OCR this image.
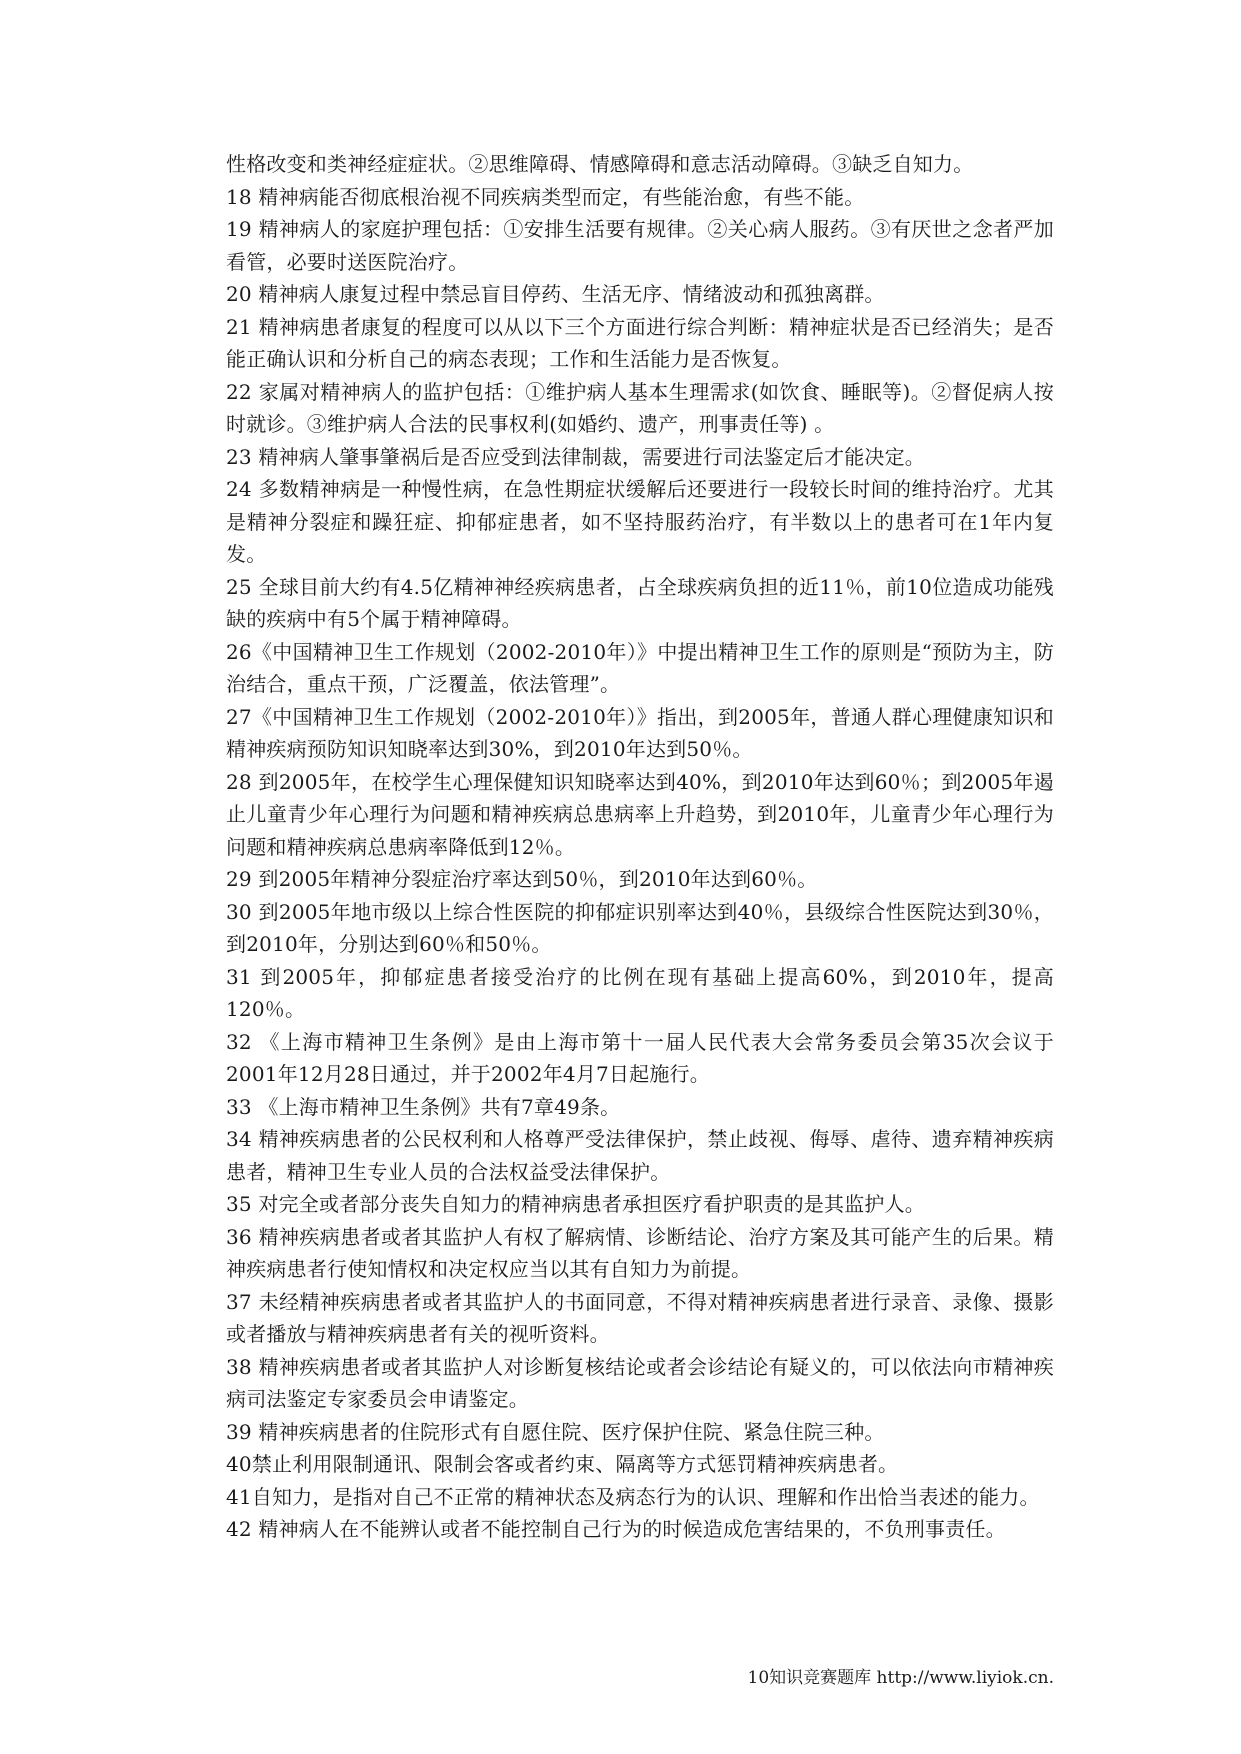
性格改变和类神经症症状。②思维障碍、情感障碍和意志活动障碍。③缺乏自知力。

18 精神病能否彻底根治视不同疾病类型而定，有些能治愈，有些不能。

19 精神病人的家庭护理包括：①安排生活要有规律。②关心病人服药。③有厌世之念者严加看管，必要时送医院治疗。

20 精神病人康复过程中禁忌盲目停药、生活无序、情绪波动和孤独离群。

21 精神病患者康复的程度可以从以下三个方面进行综合判断：精神症状是否已经消失；是否能正确认识和分析自己的病态表现；工作和生活能力是否恢复。

22 家属对精神病人的监护包括：①维护病人基本生理需求(如饮食、睡眠等)。②督促病人按时就诊。③维护病人合法的民事权利(如婚约、遗产，刑事责任等) 。

23 精神病人肇事肇祸后是否应受到法律制裁，需要进行司法鉴定后才能决定。

24 多数精神病是一种慢性病，在急性期症状缓解后还要进行一段较长时间的维持治疗。尤其是精神分裂症和躁狂症、抑郁症患者，如不坚持服药治疗，有半数以上的患者可在1年内复发。

25 全球目前大约有4.5亿精神神经疾病患者，占全球疾病负担的近11％，前10位造成功能残缺的疾病中有5个属于精神障碍。

26《中国精神卫生工作规划（2002-2010年）》中提出精神卫生工作的原则是“预防为主，防治结合，重点干预，广泛覆盖，依法管理”。

27《中国精神卫生工作规划（2002-2010年）》指出，到2005年，普通人群心理健康知识和精神疾病预防知识知晓率达到30%，到2010年达到50％。

28 到2005年，在校学生心理保健知识知晓率达到40%，到2010年达到60％；到2005年遏止儿童青少年心理行为问题和精神疾病总患病率上升趋势，到2010年，儿童青少年心理行为问题和精神疾病总患病率降低到12％。

29 到2005年精神分裂症治疗率达到50％，到2010年达到60％。

30 到2005年地市级以上综合性医院的抑郁症识别率达到40％，县级综合性医院达到30％，到2010年，分别达到60％和50％。

31 到2005年，抑郁症患者接受治疗的比例在现有基础上提高60%，到2010年，提高120％。

32 《上海市精神卫生条例》是由上海市第十一届人民代表大会常务委员会第35次会议于2001年12月28日通过，并于2002年4月7日起施行。

33 《上海市精神卫生条例》共有7章49条。

34 精神疾病患者的公民权利和人格尊严受法律保护，禁止歧视、侮辱、虐待、遗弃精神疾病患者，精神卫生专业人员的合法权益受法律保护。

35 对完全或者部分丧失自知力的精神病患者承担医疗看护职责的是其监护人。

36 精神疾病患者或者其监护人有权了解病情、诊断结论、治疗方案及其可能产生的后果。精神疾病患者行使知情权和决定权应当以其有自知力为前提。

37 未经精神疾病患者或者其监护人的书面同意，不得对精神疾病患者进行录音、录像、摄影或者播放与精神疾病患者有关的视听资料。

38 精神疾病患者或者其监护人对诊断复核结论或者会诊结论有疑义的，可以依法向市精神疾病司法鉴定专家委员会申请鉴定。

39 精神疾病患者的住院形式有自愿住院、医疗保护住院、紧急住院三种。

40禁止利用限制通讯、限制会客或者约束、隔离等方式惩罚精神疾病患者。

41自知力，是指对自己不正常的精神状态及病态行为的认识、理解和作出恰当表述的能力。

42 精神病人在不能辨认或者不能控制自己行为的时候造成危害结果的，不负刑事责任。

10知识竞赛题库 http://www.liyiok.cn.
